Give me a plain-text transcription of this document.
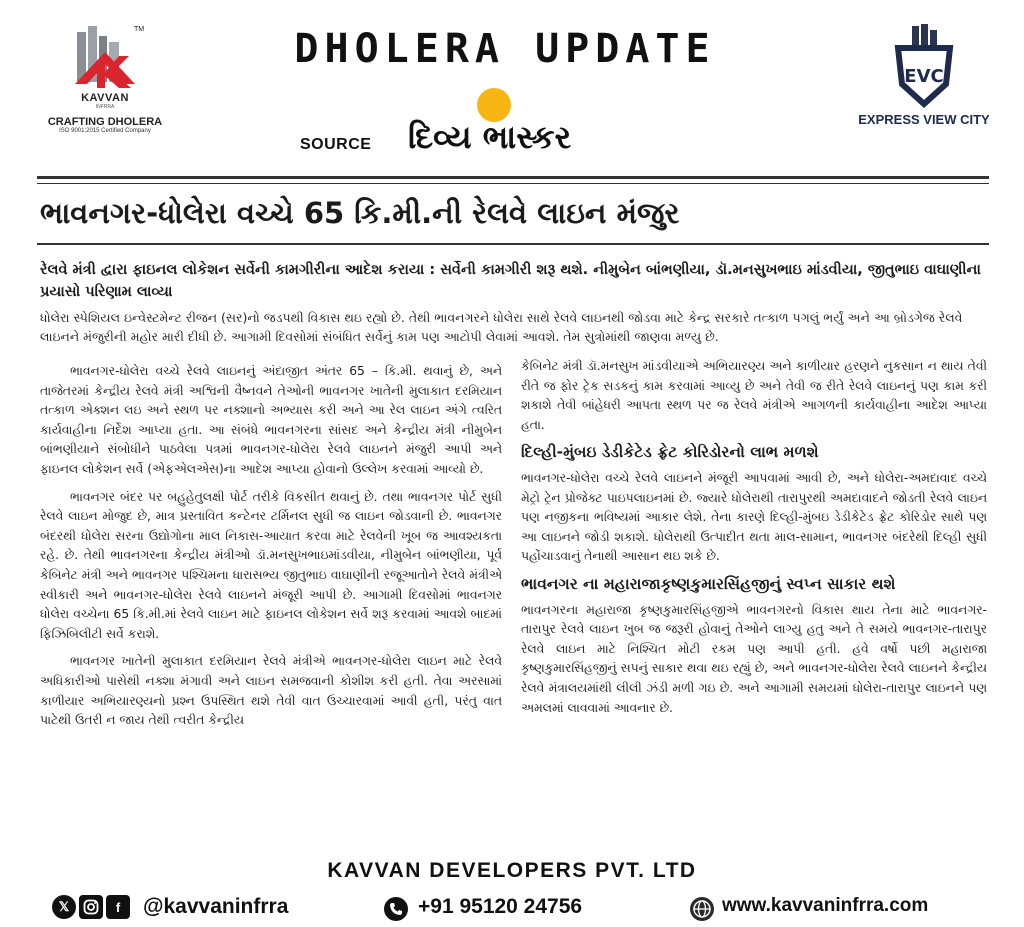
TM
KAVVAN
INFRRA
CRAFTING DHOLERA
ISO 9001:2015 Certified Company
DHOLERA UPDATE
SOURCE દિવ્ય ભાસ્કર
EVC
EXPRESS VIEW CITY
ભાવનગર-ધોલેરા વચ્ચે 65 કિ.મી.ની રેલવે લાઇન મંજુર
રેલવે મંત્રી દ્વારા ફાઇનલ લોકેશન સર્વેની કામગીરીના આદેશ કરાયા : સર્વેની કામગીરી શરૂ થશે. નીમુબેન બાંભણીયા, ડૉ.મનસુખભાઇ માંડવીયા, જીતુભાઇ વાઘાણીના પ્રયાસો પરિણામ લાવ્યા
ધોલેરા સ્પેશિયલ ઇન્વેસ્ટમેન્ટ રીજન (સર)નો જડપથી વિકાસ થઇ રહ્યો છે. તેથી ભાવનગરને ધોલેરા સાથે રેલવે લાઇનથી જોડવા માટે કેન્દ્ર સરકારે તત્કાળ પગલું ભર્યું અને આ બ્રોડગેજ રેલવે લાઇનને મંજુરીની મહોર મારી દીધી છે. આગામી દિવસોમાં સંબંધિત સર્વેનું કામ પણ આટોપી લેવામાં આવશે. તેમ સુત્રોમાંથી જાણવા મળ્યુ છે.

ભાવનગર-ધોલેરા વચ્ચે રેલવે લાઇનનું અંદાજીત અંતર 65 – કિ.મી. થવાનું છે, અને તાજેતરમાં કેન્દ્રીય રેલવે મંત્રી અશ્વિની વૈષ્નવને તેઓની ભાવનગર ખાતેની મુલાકાત દરમિયાન તત્કાળ એક્શન લઇ અને સ્થળ પર નક્શાનો અભ્યાસ કરી અને આ રેલ લાઇન અંગે ત્વરિત કાર્યવાહીના નિર્દેશ આપ્યા હતા. આ સંબંધે ભાવનગરના સાંસદ અને કેન્દ્રીય મંત્રી નીમુબેન બાંભણીયાને સંબોધીને પાઠવેલા પત્રમાં ભાવનગર-ધોલેરા રેલવે લાઇનને મંજુરી આપી અને ફાઇનલ લોકેશન સર્વે (એફએલએસ)ના આદેશ આપ્યા હોવાનો ઉલ્લેખ કરવામાં આવ્યો છે.

ભાવનગર બંદર પર બહુહેતુલક્ષી પોર્ટ તરીકે વિકસીત થવાનું છે. તથા ભાવનગર પોર્ટ સુધી રેલવે લાઇન મોજુદ છે, માત્ર પ્રસ્તાવિત કન્ટેનર ટર્મિનલ સુધી જ લાઇન જોડવાની છે. ભાવનગર બંદરથી ધોલેરા સરના ઉદ્યોગોના માલ નિકાસ-આયાત કરવા માટે રેલવેની ખૂબ જ આવશ્યકતા રહે. છે. તેથી ભાવનગરના કેન્દ્રીય મંત્રીઓ ડૉ.મનસુખભાઇમાંડવીયા, નીમુબેન બાંભણીયા, પૂર્વ કેબિનેટ મંત્રી અને ભાવનગર પશ્ચિમના ધારાસભ્ય જીતુભાઇ વાઘાણીની રજૂઆતોને રેલવે મંત્રીએ સ્વીકારી અને ભાવનગર-ધોલેરા રેલવે લાઇનને મંજૂરી આપી છે. આગામી દિવસોમાં ભાવનગર ધોલેરા વચ્ચેના 65 કિ.મી.માં રેલવે લાઇન માટે ફાઇનલ લોકેશન સર્વે શરૂ કરવામાં આવશે બાદમાં ફિઝિબિલીટી સર્વે કરાશે.

ભાવનગર ખાતેની મુલાકાત દરમિયાન રેલવે મંત્રીએ ભાવનગર-ધોલેરા લાઇન માટે રેલવે અધિકારીઓ પાસેથી નક્શા મંગાવી અને લાઇન સમજવાની કોશીશ કરી હતી. તેવા અરસામાં કાળીયાર અભિયારણ્યનો પ્રશ્ન ઉપસ્થિત થશે તેવી વાત ઉચ્ચારવામાં આવી હતી, પરંતુ વાત પાટેથી ઉતરી ન જાય તેથી ત્વરીત કેન્દ્રીય

કેબિનેટ મંત્રી ડૉ.મનસુખ માંડવીયાએ અભિયારણ્ય અને કાળીયાર હરણને નુકસાન ન થાય તેવી રીતે જ ફોર ટ્રેક સડકનું કામ કરવામાં આવ્યુ છે અને તેવી જ રીતે રેલવે લાઇનનું પણ કામ કરી શકાશે તેવી બાંહેધરી આપતા સ્થળ પર જ રેલવે મંત્રીએ આગળની કાર્યવાહીના આદેશ આપ્યા હતા.

દિલ્હી-મુંબઇ ડેડીકેટેડ ફ્રેટ કોરિડોરનો લાભ મળશે

ભાવનગર-ધોલેરા વચ્ચે રેલવે લાઇનને મંજૂરી આપવામાં આવી છે, અને ધોલેરા-અમદાવાદ વચ્ચે મેટ્રો ટ્રેન પ્રોજેક્ટ પાઇપલાઇનમાં છે. જ્યારે ધોલેરાથી તારાપુરથી અમદાવાદને જોડતી રેલવે લાઇન પણ નજીકના ભવિષ્યમાં આકાર લેશે. તેના કારણે દિલ્હી-મુંબઇ ડેડીકેટેડ ફ્રેટ કોરિડોર સાથે પણ આ લાઇનને જોડી શકાશે. ધોલેરાથી ઉત્પાદીત થતા માલ-સામાન, ભાવનગર બંદરેથી દિલ્હી સુધી પહોંચાડવાનું તેનાથી આસાન થઇ શકે છે.

ભાવનગર ના મહારાજાકૃષ્ણકુમારસિંહજીનું સ્વપ્ન સાકાર થશે

ભાવનગરના મહારાજા કૃષ્ણકુમારસિંહજીએ ભાવનગરનો વિકાસ થાય તેના માટે ભાવનગર-તારાપુર રેલવે લાઇન ખુબ જ જરૂરી હોવાનું તેઓને લાગ્યુ હતુ અને તે સમયે ભાવનગર-તારાપુર રેલવે લાઇન માટે નિશ્ચિત મોટી રકમ પણ આપી હતી. હવે વર્ષો પછી મહારાજા કૃષ્ણકુમારસિંહજીનું સપનું સાકાર થવા થઇ રહ્યું છે, અને ભાવનગર-ધોલેરા રેલવે લાઇનને કેન્દ્રીય રેલવે મંત્રાલયમાંથી લીલી ઝંડી મળી ગઇ છે. અને આગામી સમયમાં ધોલેરા-તારાપુર લાઇનને પણ અમલમાં લાવવામાં આવનાર છે.

KAVVAN DEVELOPERS PVT. LTD
𝕏	f	@kavvaninfrra	+91 95120 24756	www.kavvaninfrra.com
